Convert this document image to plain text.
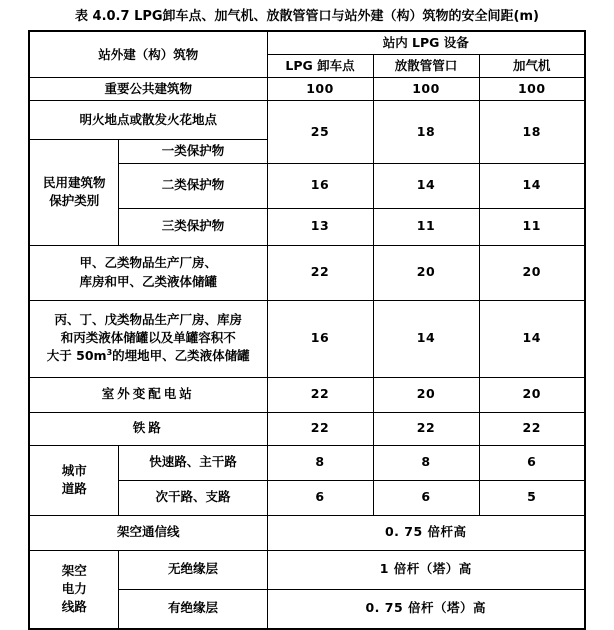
表 4.0.7 LPG卸车点、加气机、放散管管口与站外建（构）筑物的安全间距(m)
站外建（构）筑物		站内 LPG 设备		
		LPG 卸车点	放散管管口	加气机
重要公共建筑物		100	100	100
明火地点或散发火花地点		25	18	18
民用建筑物
保护类别	一类保护物			
	二类保护物	16	14	14
	三类保护物	13	11	11
甲、乙类物品生产厂房、
库房和甲、乙类液体储罐		22	20	20
丙、丁、戊类物品生产厂房、库房
和丙类液体储罐以及单罐容积不
大于 $50m^3$的埋地甲、乙类液体储罐		16	14	14
室外变配电站		22	20	20
铁路		22	22	22
城市
道路	快速路、主干路	8	8	6
	次干路、支路	6	6	5
架空通信线		0. 75 倍杆高		
架空
电力
线路	无绝缘层	1 倍杆（塔）高		
	有绝缘层	0. 75 倍杆（塔）高		
